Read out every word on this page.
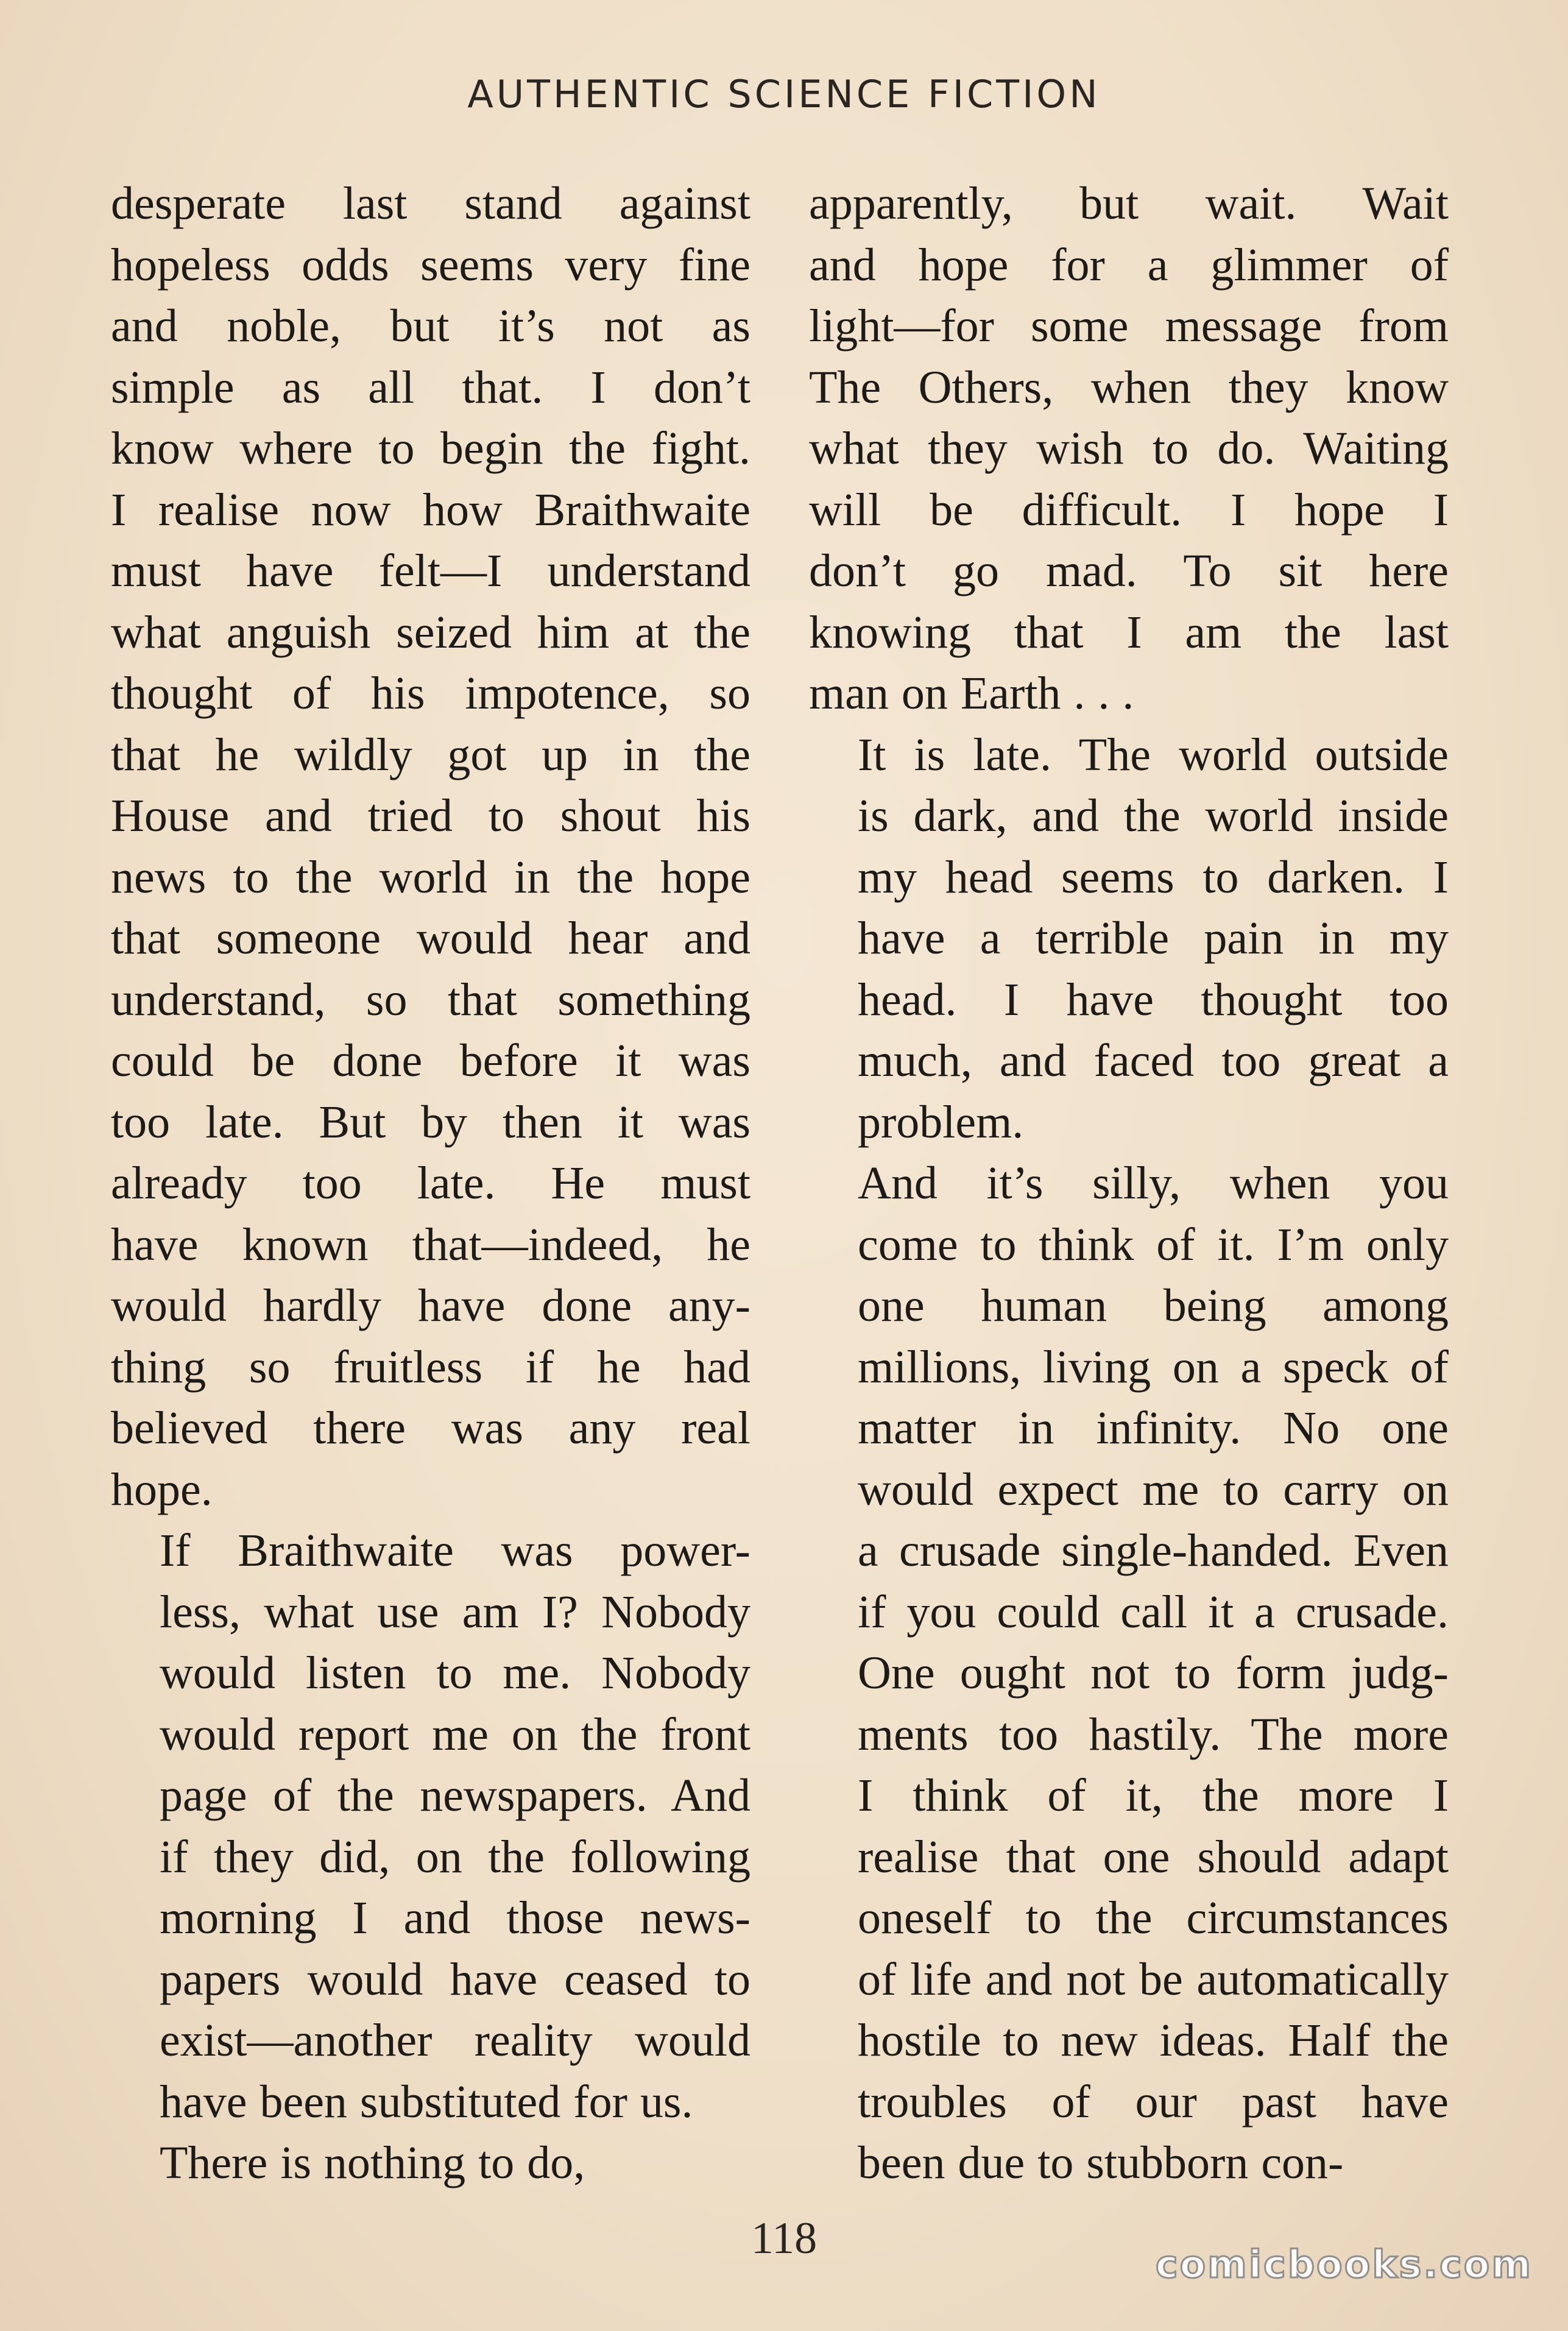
AUTHENTIC SCIENCE FICTION
desperate last stand against
hopeless odds seems very fine
and noble, but it’s not as
simple as all that. I don’t
know where to begin the fight.
I realise now how Braithwaite
must have felt—I understand
what anguish seized him at the
thought of his impotence, so
that he wildly got up in the
House and tried to shout his
news to the world in the hope
that someone would hear and
understand, so that something
could be done before it was
too late. But by then it was
already too late. He must
have known that—indeed, he
would hardly have done any-
thing so fruitless if he had
believed there was any real
hope.
If Braithwaite was power-
less, what use am I? Nobody
would listen to me. Nobody
would report me on the front
page of the newspapers. And
if they did, on the following
morning I and those news-
papers would have ceased to
exist—another reality would
have been substituted for us.
There is nothing to do,
apparently, but wait. Wait
and hope for a glimmer of
light—for some message from
The Others, when they know
what they wish to do. Waiting
will be difficult. I hope I
don’t go mad. To sit here
knowing that I am the last
man on Earth . . .
It is late. The world outside
is dark, and the world inside
my head seems to darken. I
have a terrible pain in my
head. I have thought too
much, and faced too great a
problem.
And it’s silly, when you
come to think of it. I’m only
one human being among
millions, living on a speck of
matter in infinity. No one
would expect me to carry on
a crusade single-handed. Even
if you could call it a crusade.
One ought not to form judg-
ments too hastily. The more
I think of it, the more I
realise that one should adapt
oneself to the circumstances
of life and not be automatically
hostile to new ideas. Half the
troubles of our past have
been due to stubborn con-
118
comicbooks.com
